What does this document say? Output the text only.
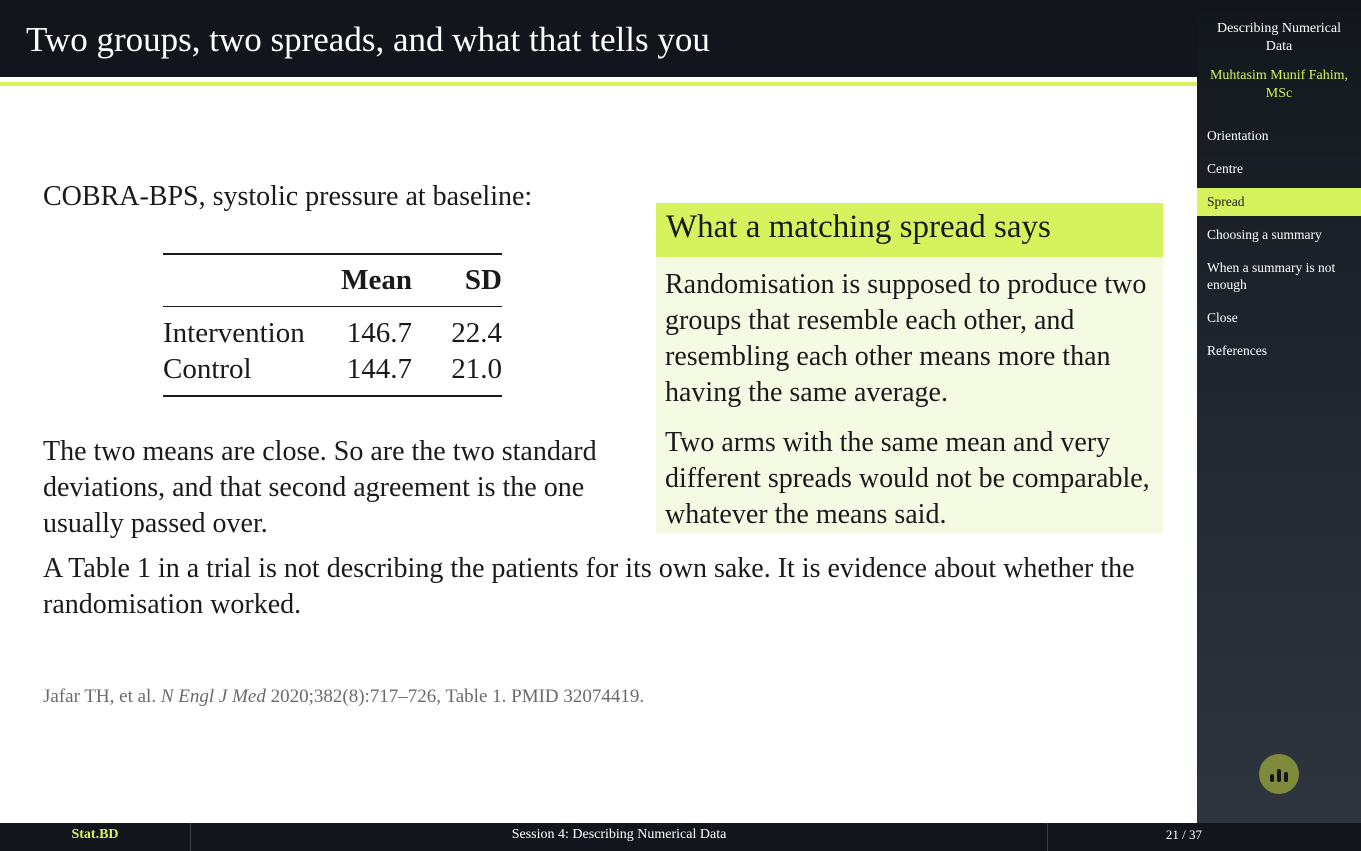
Two groups, two spreads, and what that tells you

COBRA-BPS, systolic pressure at baseline:

	Mean	SD
Intervention	146.7	22.4
Control	144.7	21.0

The two means are close. So are the two standard deviations, and that second agreement is the one usually passed over.

A Table 1 in a trial is not describing the patients for its own sake. It is evidence about whether the randomisation worked.

Jafar TH, et al. N Engl J Med 2020;382(8):717–726, Table 1. PMID 32074419.

What a matching spread says

Randomisation is supposed to produce two groups that resemble each other, and resembling each other means more than having the same average.

Two arms with the same mean and very different spreads would not be comparable, whatever the means said.

Describing Numerical Data
Muhtasim Munif Fahim, MSc
Orientation
Centre
Spread
Choosing a summary
When a summary is not enough
Close
References
Stat.BD	Session 4: Describing Numerical Data	21 / 37
